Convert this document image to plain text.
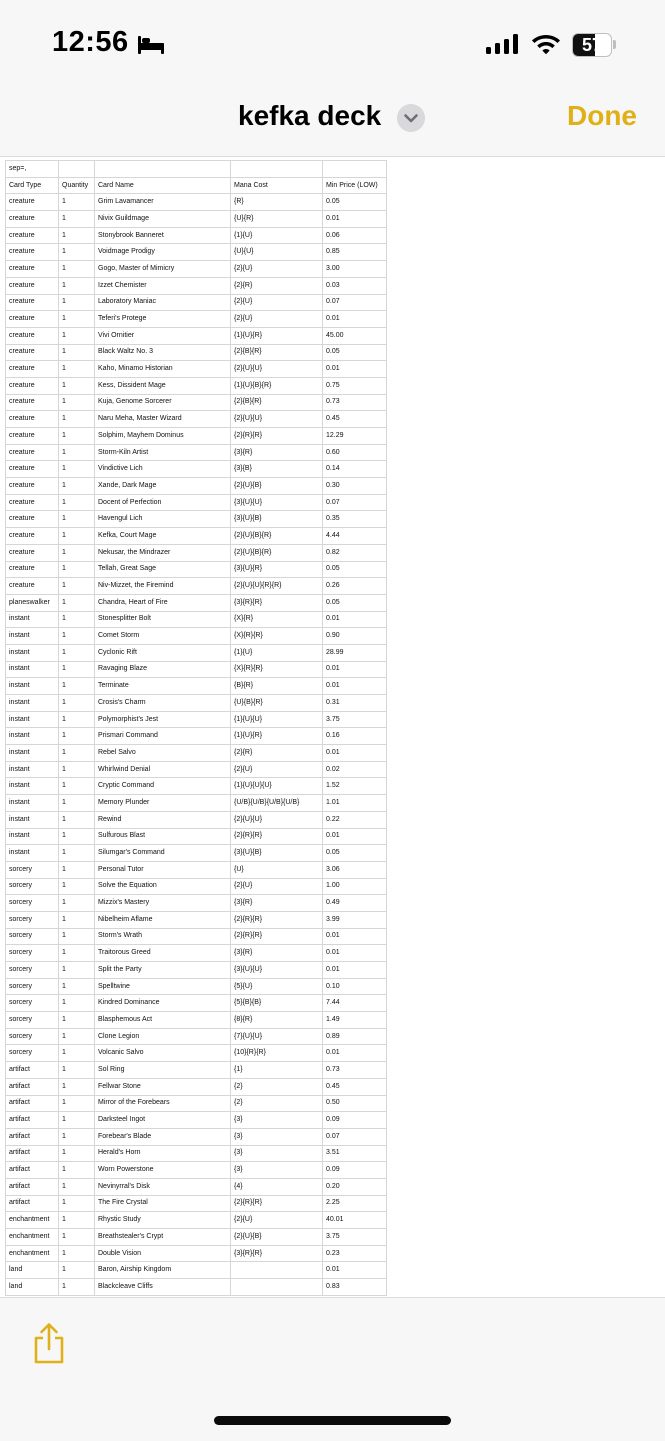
12:56	57
kefka deck	Done
sep=,				
Card Type	Quantity	Card Name	Mana Cost	Min Price (LOW)
creature	1	Grim Lavamancer	{R}	0.05
creature	1	Nivix Guildmage	{U}{R}	0.01
creature	1	Stonybrook Banneret	{1}{U}	0.06
creature	1	Voidmage Prodigy	{U}{U}	0.85
creature	1	Gogo, Master of Mimicry	{2}{U}	3.00
creature	1	Izzet Chemister	{2}{R}	0.03
creature	1	Laboratory Maniac	{2}{U}	0.07
creature	1	Teferi's Protege	{2}{U}	0.01
creature	1	Vivi Ornitier	{1}{U}{R}	45.00
creature	1	Black Waltz No. 3	{2}{B}{R}	0.05
creature	1	Kaho, Minamo Historian	{2}{U}{U}	0.01
creature	1	Kess, Dissident Mage	{1}{U}{B}{R}	0.75
creature	1	Kuja, Genome Sorcerer	{2}{B}{R}	0.73
creature	1	Naru Meha, Master Wizard	{2}{U}{U}	0.45
creature	1	Solphim, Mayhem Dominus	{2}{R}{R}	12.29
creature	1	Storm-Kiln Artist	{3}{R}	0.60
creature	1	Vindictive Lich	{3}{B}	0.14
creature	1	Xande, Dark Mage	{2}{U}{B}	0.30
creature	1	Docent of Perfection	{3}{U}{U}	0.07
creature	1	Havengul Lich	{3}{U}{B}	0.35
creature	1	Kefka, Court Mage	{2}{U}{B}{R}	4.44
creature	1	Nekusar, the Mindrazer	{2}{U}{B}{R}	0.82
creature	1	Tellah, Great Sage	{3}{U}{R}	0.05
creature	1	Niv-Mizzet, the Firemind	{2}{U}{U}{R}{R}	0.26
planeswalker	1	Chandra, Heart of Fire	{3}{R}{R}	0.05
instant	1	Stonesplitter Bolt	{X}{R}	0.01
instant	1	Comet Storm	{X}{R}{R}	0.90
instant	1	Cyclonic Rift	{1}{U}	28.99
instant	1	Ravaging Blaze	{X}{R}{R}	0.01
instant	1	Terminate	{B}{R}	0.01
instant	1	Crosis's Charm	{U}{B}{R}	0.31
instant	1	Polymorphist's Jest	{1}{U}{U}	3.75
instant	1	Prismari Command	{1}{U}{R}	0.16
instant	1	Rebel Salvo	{2}{R}	0.01
instant	1	Whirlwind Denial	{2}{U}	0.02
instant	1	Cryptic Command	{1}{U}{U}{U}	1.52
instant	1	Memory Plunder	{U/B}{U/B}{U/B}{U/B}	1.01
instant	1	Rewind	{2}{U}{U}	0.22
instant	1	Sulfurous Blast	{2}{R}{R}	0.01
instant	1	Silumgar's Command	{3}{U}{B}	0.05
sorcery	1	Personal Tutor	{U}	3.06
sorcery	1	Solve the Equation	{2}{U}	1.00
sorcery	1	Mizzix's Mastery	{3}{R}	0.49
sorcery	1	Nibelheim Aflame	{2}{R}{R}	3.99
sorcery	1	Storm's Wrath	{2}{R}{R}	0.01
sorcery	1	Traitorous Greed	{3}{R}	0.01
sorcery	1	Split the Party	{3}{U}{U}	0.01
sorcery	1	Spelltwine	{5}{U}	0.10
sorcery	1	Kindred Dominance	{5}{B}{B}	7.44
sorcery	1	Blasphemous Act	{8}{R}	1.49
sorcery	1	Clone Legion	{7}{U}{U}	0.89
sorcery	1	Volcanic Salvo	{10}{R}{R}	0.01
artifact	1	Sol Ring	{1}	0.73
artifact	1	Fellwar Stone	{2}	0.45
artifact	1	Mirror of the Forebears	{2}	0.50
artifact	1	Darksteel Ingot	{3}	0.09
artifact	1	Forebear's Blade	{3}	0.07
artifact	1	Herald's Horn	{3}	3.51
artifact	1	Worn Powerstone	{3}	0.09
artifact	1	Nevinyrral's Disk	{4}	0.20
artifact	1	The Fire Crystal	{2}{R}{R}	2.25
enchantment	1	Rhystic Study	{2}{U}	40.01
enchantment	1	Breathstealer's Crypt	{2}{U}{B}	3.75
enchantment	1	Double Vision	{3}{R}{R}	0.23
land	1	Baron, Airship Kingdom		0.01
land	1	Blackcleave Cliffs		0.83
